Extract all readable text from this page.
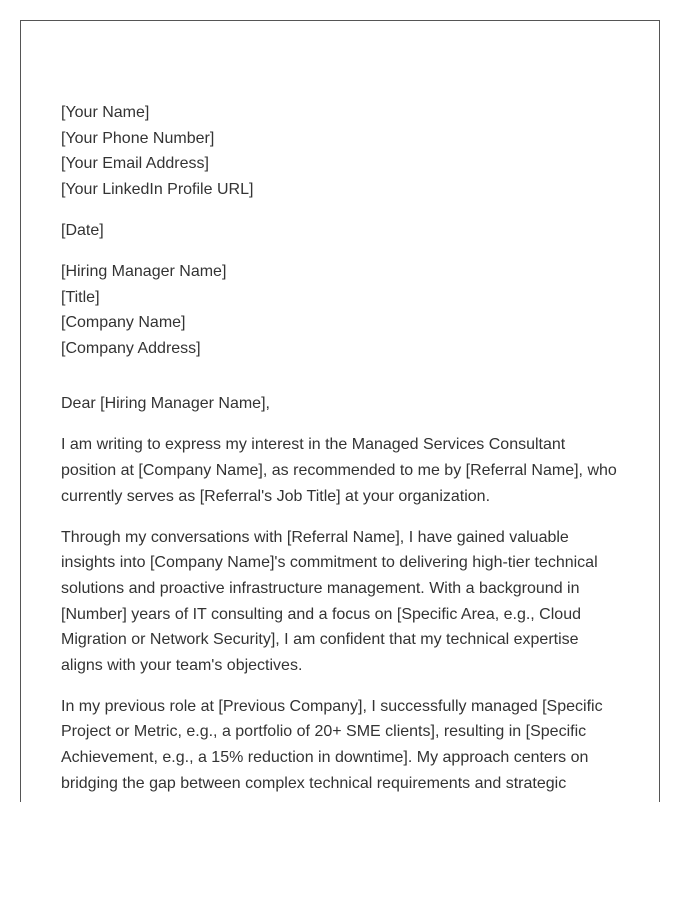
[Your Name]
[Your Phone Number]
[Your Email Address]
[Your LinkedIn Profile URL]
[Date]
[Hiring Manager Name]
[Title]
[Company Name]
[Company Address]
Dear [Hiring Manager Name],

I am writing to express my interest in the Managed Services Consultant position at [Company Name], as recommended to me by [Referral Name], who currently serves as [Referral's Job Title] at your organization.

Through my conversations with [Referral Name], I have gained valuable insights into [Company Name]'s commitment to delivering high-tier technical solutions and proactive infrastructure management. With a background in [Number] years of IT consulting and a focus on [Specific Area, e.g., Cloud Migration or Network Security], I am confident that my technical expertise aligns with your team's objectives.

In my previous role at [Previous Company], I successfully managed [Specific Project or Metric, e.g., a portfolio of 20+ SME clients], resulting in [Specific Achievement, e.g., a 15% reduction in downtime]. My approach centers on bridging the gap between complex technical requirements and strategic
